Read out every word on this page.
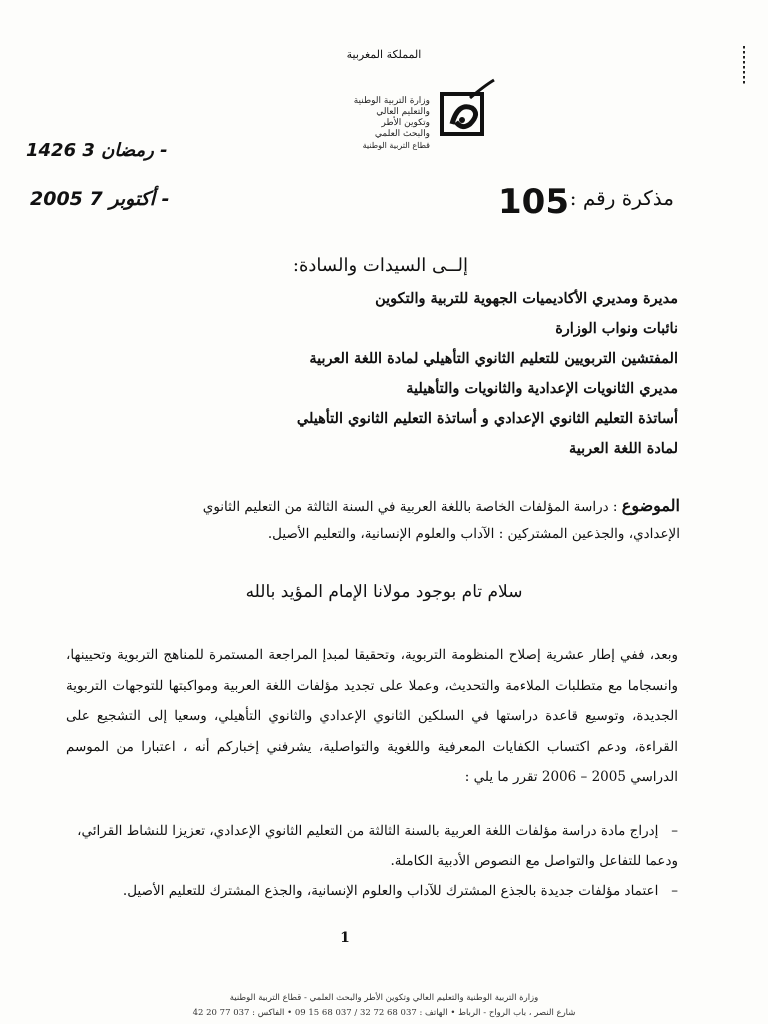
المملكة المغربية
وزارة التربية الوطنية
والتعليم العالي
وتكوين الأطر
والبحث العلمي
قطاع التربية الوطنية
1426 رمضان 3 -
2005 أكتوبر 7 -	105 مذكرة رقم :
إلــى السيدات والسادة:
مديرة ومديري الأكاديميات الجهوية للتربية والتكوين
نائبات ونواب الوزارة
المفتشين التربويين للتعليم الثانوي التأهيلي لمادة اللغة العربية
مديري الثانويات الإعدادية والثانويات والتأهيلية
أساتذة التعليم الثانوي الإعدادي و أساتذة التعليم الثانوي التأهيلي
لمادة اللغة العربية
الموضوع : دراسة المؤلفات الخاصة باللغة العربية في السنة الثالثة من التعليم الثانوي
الإعدادي، والجذعين المشتركين : الآداب والعلوم الإنسانية، والتعليم الأصيل.
سلام تام بوجود مولانا الإمام المؤيد بالله
وبعد، ففي إطار عشرية إصلاح المنظومة التربوية، وتحقيقا لمبدإ المراجعة المستمرة للمناهج التربوية وتحيينها، وانسجاما مع متطلبات الملاءمة والتحديث، وعملا على تجديد مؤلفات اللغة العربية ومواكبتها للتوجهات التربوية الجديدة، وتوسيع قاعدة دراستها في السلكين الثانوي الإعدادي والثانوي التأهيلي، وسعيا إلى التشجيع على القراءة، ودعم اكتساب الكفايات المعرفية واللغوية والتواصلية، يشرفني إخباركم أنه ، اعتبارا من الموسم الدراسي 2005 – 2006 تقرر ما يلي :
–   إدراج مادة دراسة مؤلفات اللغة العربية بالسنة الثالثة من التعليم الثانوي الإعدادي، تعزيزا للنشاط القرائي، ودعما للتفاعل والتواصل مع النصوص الأدبية الكاملة.
–   اعتماد مؤلفات جديدة بالجذع المشترك للآداب والعلوم الإنسانية، والجذع المشترك للتعليم الأصيل.
1
وزارة التربية الوطنية والتعليم العالي وتكوين الأطر والبحث العلمي - قطاع التربية الوطنية
شارع النصر ، باب الرواح - الرباط • الهاتف : 037 68 72 32 / 037 68 15 09 • الفاكس : 037 77 20 42
